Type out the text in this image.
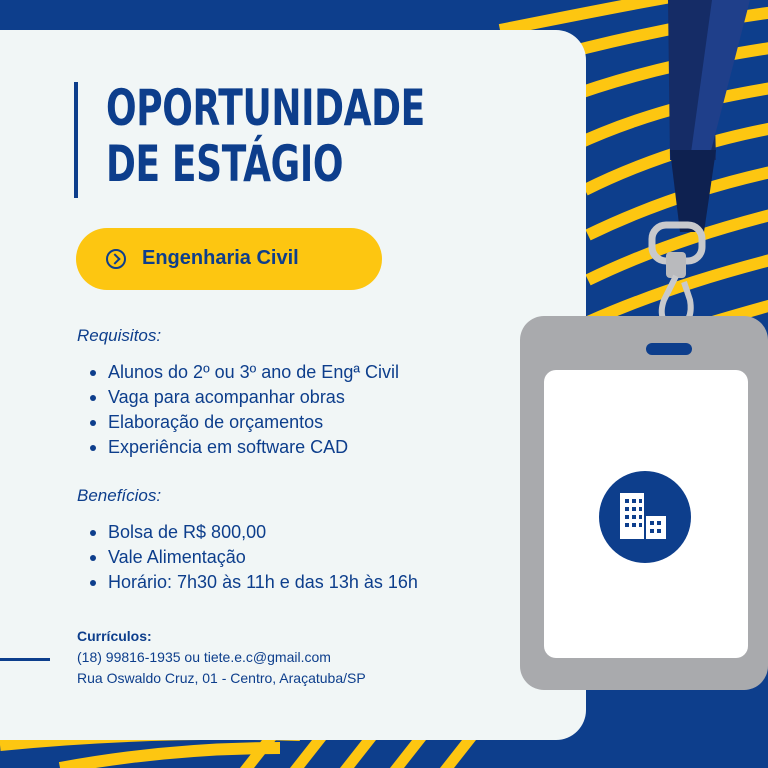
OPORTUNIDADE
DE ESTÁGIO
Engenharia Civil
Requisitos:
Alunos do 2º ou 3º ano de Engª Civil
Vaga para acompanhar obras
Elaboração de orçamentos
Experiência em software CAD
Benefícios:
Bolsa de R$ 800,00
Vale Alimentação
Horário: 7h30 às 11h e das 13h às 16h
Currículos:
(18) 99816-1935 ou tiete.e.c@gmail.com
Rua Oswaldo Cruz, 01 - Centro, Araçatuba/SP
